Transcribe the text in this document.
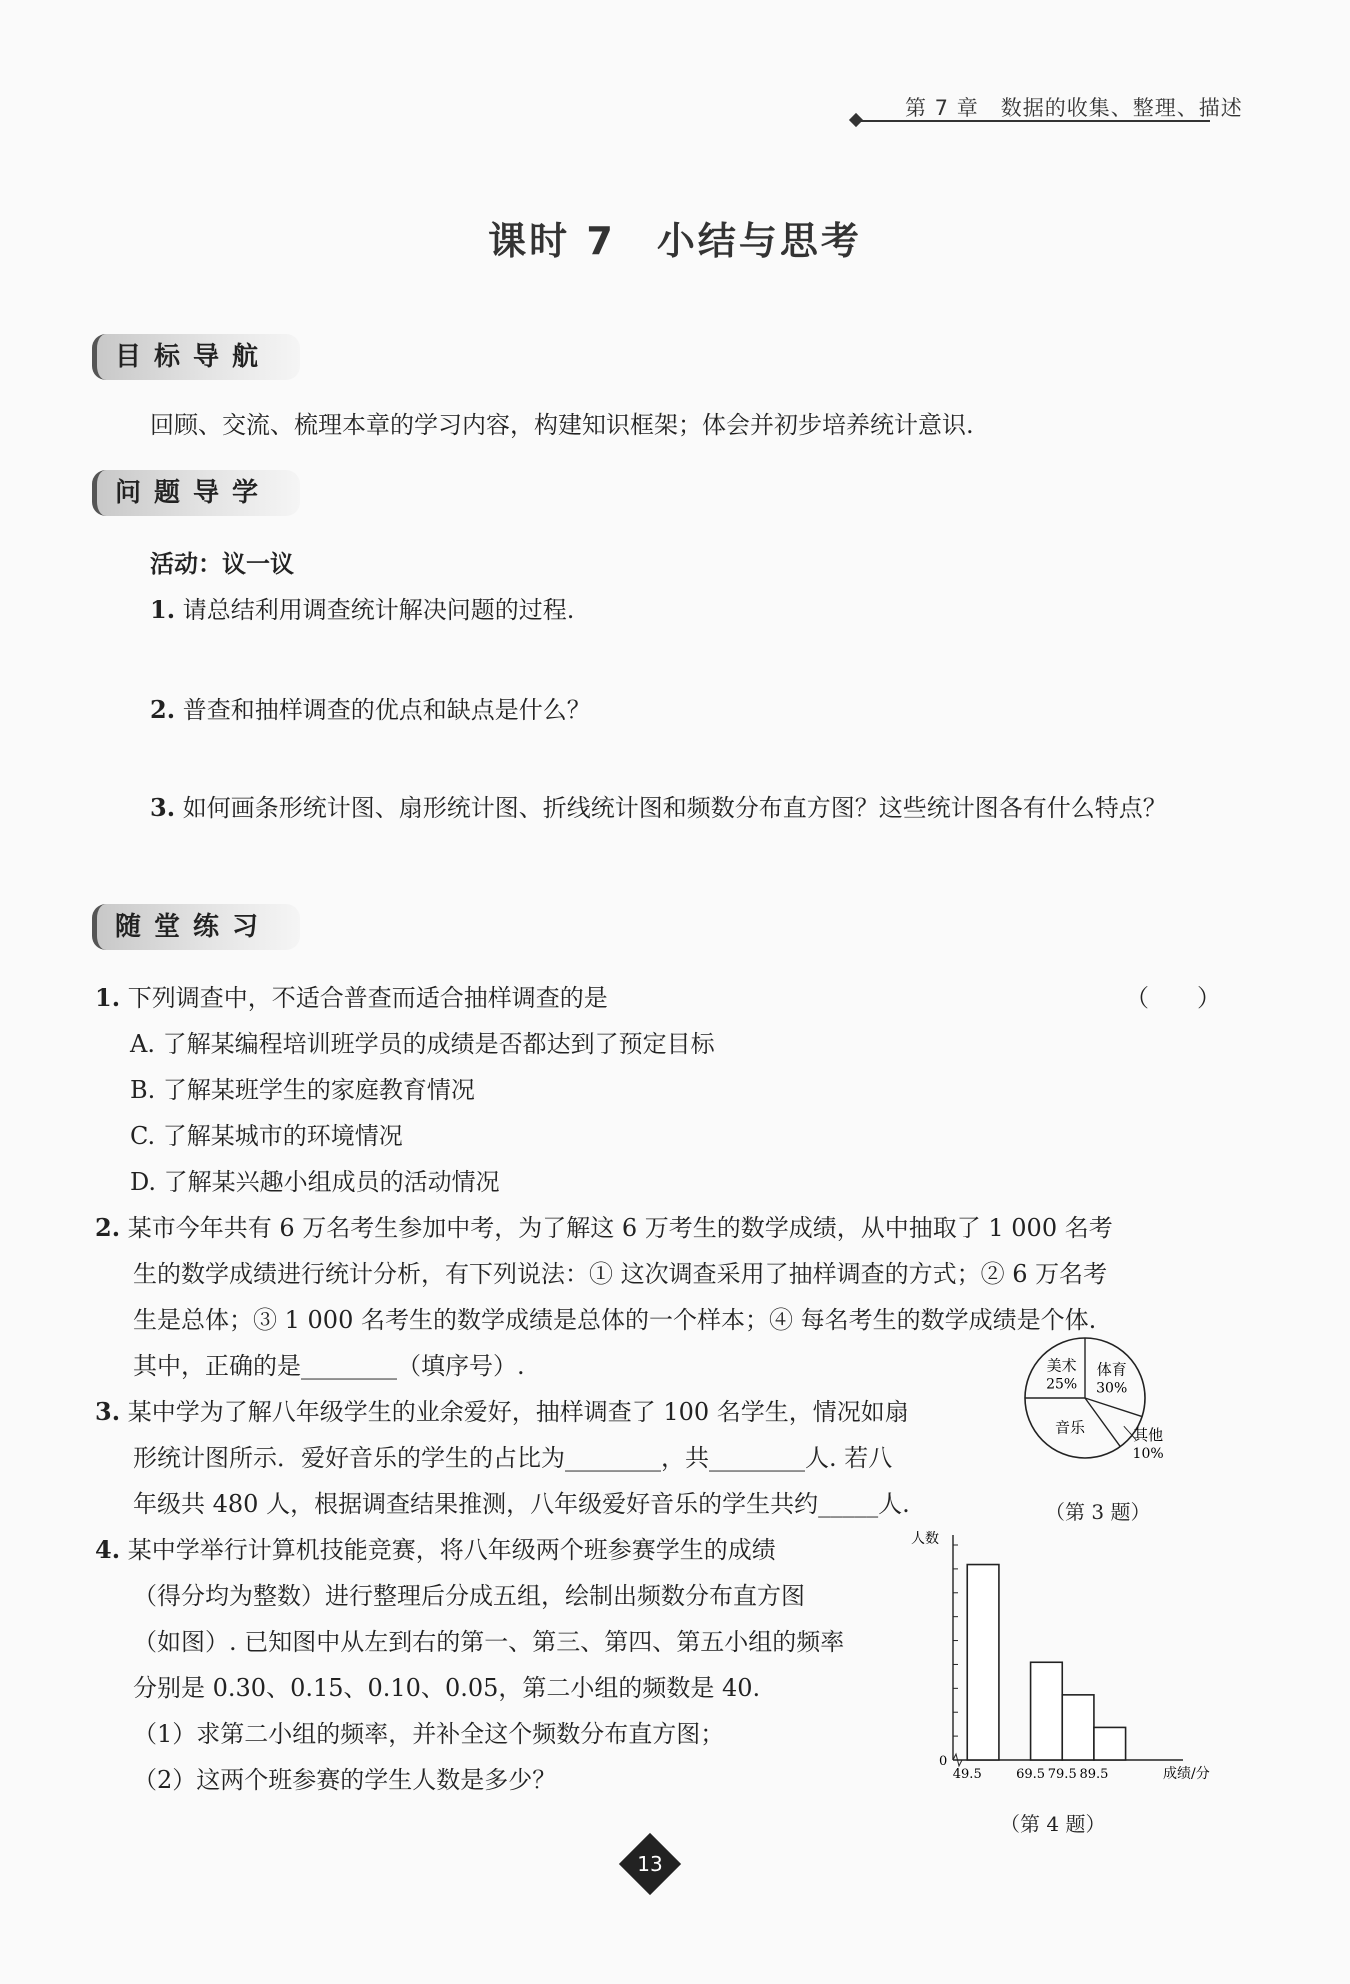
第 7 章　数据的收集、整理、描述
课时 7　小结与思考
目标导航
回顾、交流、梳理本章的学习内容，构建知识框架；体会并初步培养统计意识.
问题导学
活动：议一议
1. 请总结利用调查统计解决问题的过程.
2. 普查和抽样调查的优点和缺点是什么？
3. 如何画条形统计图、扇形统计图、折线统计图和频数分布直方图？这些统计图各有什么特点？
随堂练习
1. 下列调查中，不适合普查而适合抽样调查的是	（　　）
A. 了解某编程培训班学员的成绩是否都达到了预定目标
B. 了解某班学生的家庭教育情况
C. 了解某城市的环境情况
D. 了解某兴趣小组成员的活动情况
2. 某市今年共有 6 万名考生参加中考，为了解这 6 万考生的数学成绩，从中抽取了 1 000 名考
生的数学成绩进行统计分析，有下列说法：① 这次调查采用了抽样调查的方式；② 6 万名考
生是总体；③ 1 000 名考生的数学成绩是总体的一个样本；④ 每名考生的数学成绩是个体.
其中，正确的是________（填序号）.
3. 某中学为了解八年级学生的业余爱好，抽样调查了 100 名学生，情况如扇
形统计图所示．爱好音乐的学生的占比为________，共________人. 若八
年级共 480 人，根据调查结果推测，八年级爱好音乐的学生共约_____人.
体育
30%
其他
10%
音乐
美术
25%
（第 3 题）
4. 某中学举行计算机技能竞赛，将八年级两个班参赛学生的成绩
（得分均为整数）进行整理后分成五组，绘制出频数分布直方图
（如图）. 已知图中从左到右的第一、第三、第四、第五小组的频率
分别是 0.30、0.15、0.10、0.05，第二小组的频数是 40.
（1）求第二小组的频率，并补全这个频数分布直方图；
（2）这两个班参赛的学生人数是多少？
人数
0
49.5	69.5 79.5 89.5	成绩/分
（第 4 题）
13
